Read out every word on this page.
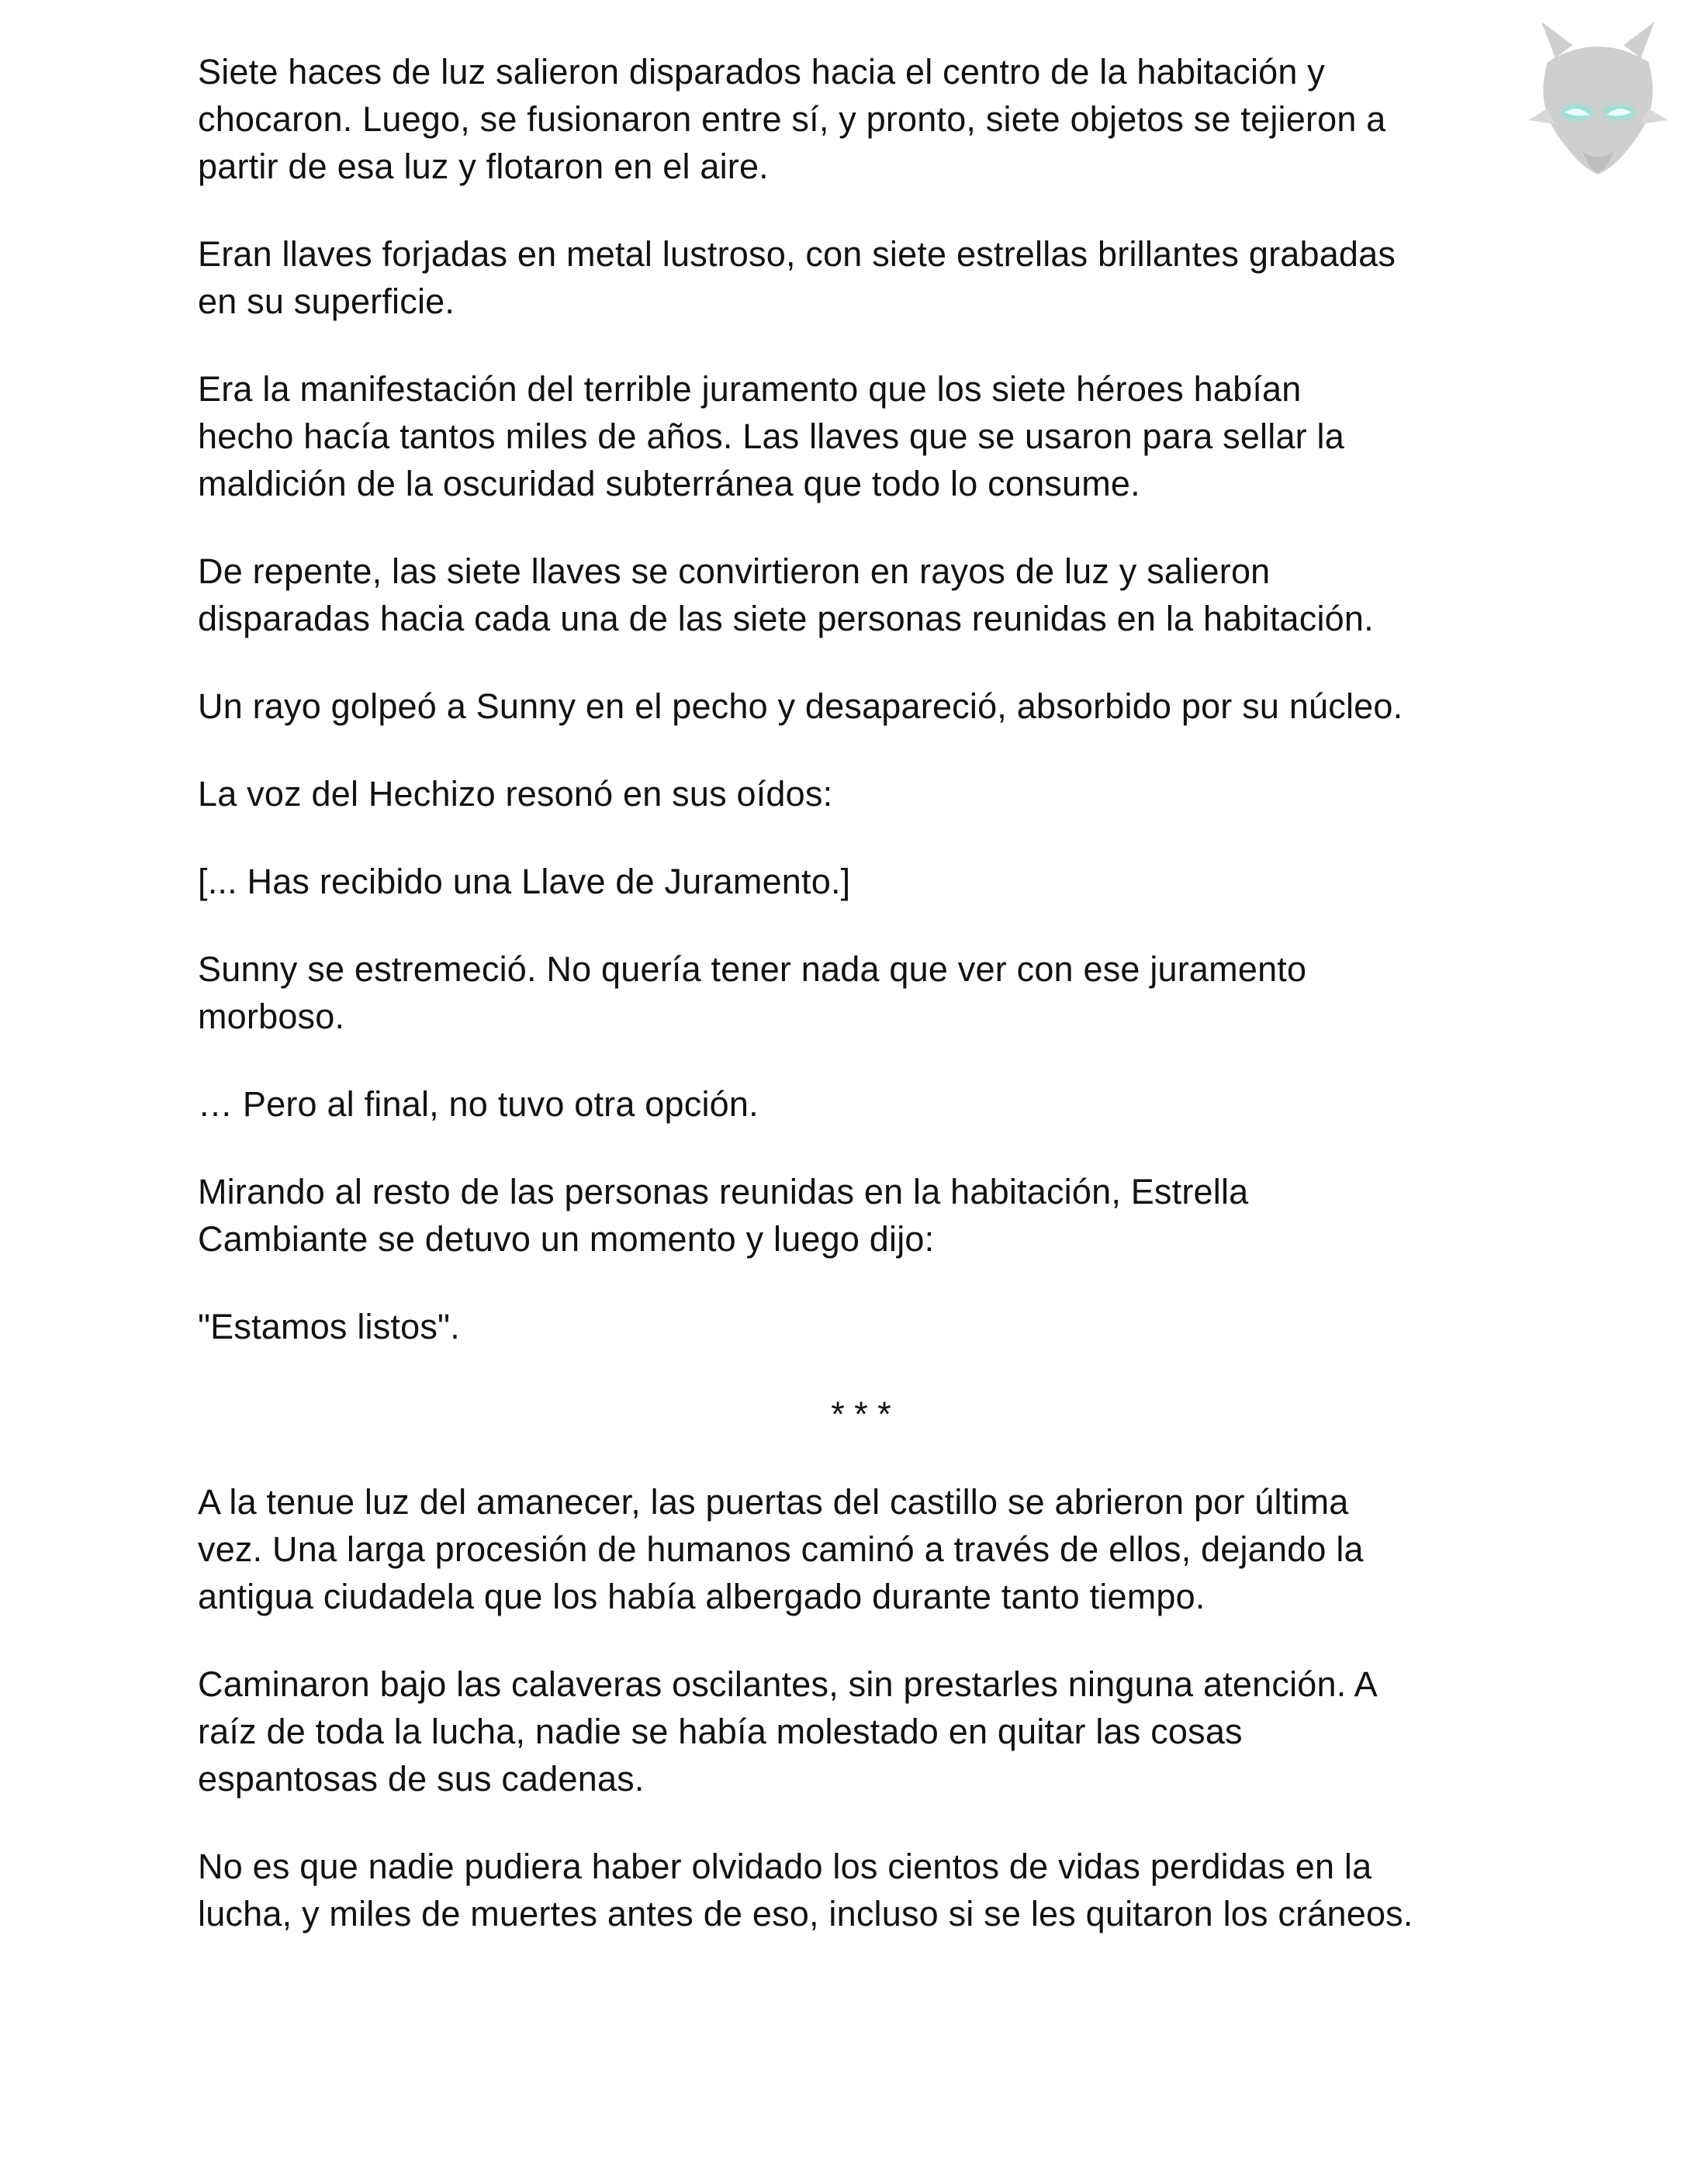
Siete haces de luz salieron disparados hacia el centro de la habitación y
chocaron. Luego, se fusionaron entre sí, y pronto, siete objetos se tejieron a
partir de esa luz y flotaron en el aire.

Eran llaves forjadas en metal lustroso, con siete estrellas brillantes grabadas
en su superficie.

Era la manifestación del terrible juramento que los siete héroes habían
hecho hacía tantos miles de años. Las llaves que se usaron para sellar la
maldición de la oscuridad subterránea que todo lo consume.

De repente, las siete llaves se convirtieron en rayos de luz y salieron
disparadas hacia cada una de las siete personas reunidas en la habitación.

Un rayo golpeó a Sunny en el pecho y desapareció, absorbido por su núcleo.

La voz del Hechizo resonó en sus oídos:

[... Has recibido una Llave de Juramento.]

Sunny se estremeció. No quería tener nada que ver con ese juramento
morboso.

… Pero al final, no tuvo otra opción.

Mirando al resto de las personas reunidas en la habitación, Estrella
Cambiante se detuvo un momento y luego dijo:

"Estamos listos".

* * *

A la tenue luz del amanecer, las puertas del castillo se abrieron por última
vez. Una larga procesión de humanos caminó a través de ellos, dejando la
antigua ciudadela que los había albergado durante tanto tiempo.

Caminaron bajo las calaveras oscilantes, sin prestarles ninguna atención. A
raíz de toda la lucha, nadie se había molestado en quitar las cosas
espantosas de sus cadenas.

No es que nadie pudiera haber olvidado los cientos de vidas perdidas en la
lucha, y miles de muertes antes de eso, incluso si se les quitaron los cráneos.
